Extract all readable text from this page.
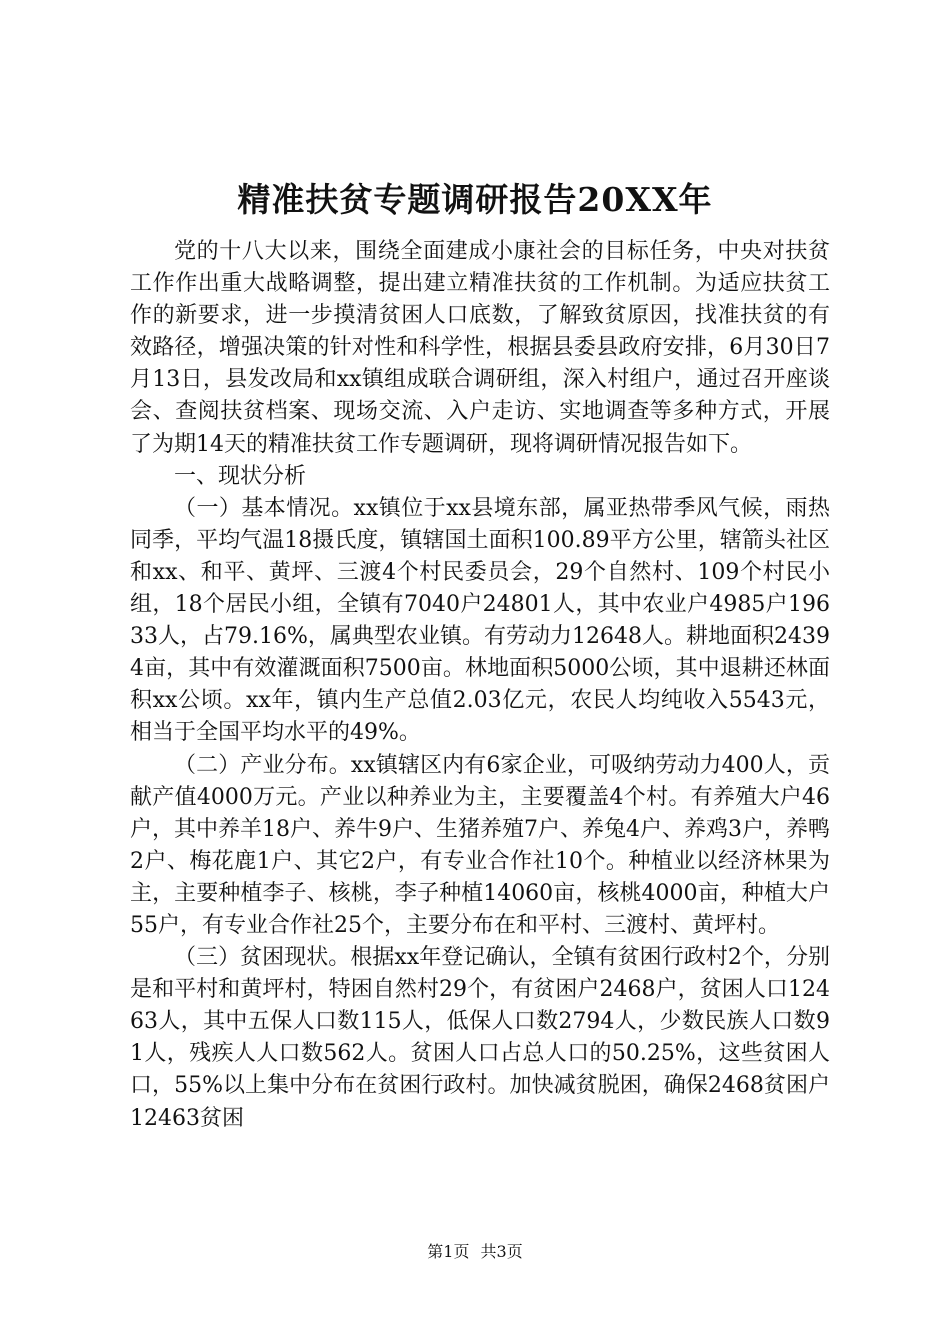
精准扶贫专题调研报告20XX年

党的十八大以来，围绕全面建成小康社会的目标任务，中央对扶贫工作作出重大战略调整，提出建立精准扶贫的工作机制。为适应扶贫工作的新要求，进一步摸清贫困人口底数，了解致贫原因，找准扶贫的有效路径，增强决策的针对性和科学性，根据县委县政府安排，6月30日7月13日，县发改局和xx镇组成联合调研组，深入村组户，通过召开座谈会、查阅扶贫档案、现场交流、入户走访、实地调查等多种方式，开展了为期14天的精准扶贫工作专题调研，现将调研情况报告如下。

一、现状分析

（一）基本情况。xx镇位于xx县境东部，属亚热带季风气候，雨热同季，平均气温18摄氏度，镇辖国土面积100.89平方公里，辖箭头社区和xx、和平、黄坪、三渡4个村民委员会，29个自然村、109个村民小组，18个居民小组，全镇有7040户24801人，其中农业户4985户19633人，占79.16%，属典型农业镇。有劳动力12648人。耕地面积24394亩，其中有效灌溉面积7500亩。林地面积5000公顷，其中退耕还林面积xx公顷。xx年，镇内生产总值2.03亿元，农民人均纯收入5543元，相当于全国平均水平的49%。

（二）产业分布。xx镇辖区内有6家企业，可吸纳劳动力400人，贡献产值4000万元。产业以种养业为主，主要覆盖4个村。有养殖大户46户，其中养羊18户、养牛9户、生猪养殖7户、养兔4户、养鸡3户，养鸭2户、梅花鹿1户、其它2户，有专业合作社10个。种植业以经济林果为主，主要种植李子、核桃，李子种植14060亩，核桃4000亩，种植大户55户，有专业合作社25个，主要分布在和平村、三渡村、黄坪村。

（三）贫困现状。根据xx年登记确认，全镇有贫困行政村2个，分别是和平村和黄坪村，特困自然村29个，有贫困户2468户，贫困人口12463人，其中五保人口数115人，低保人口数2794人，少数民族人口数91人，残疾人人口数562人。贫困人口占总人口的50.25%，这些贫困人口，55%以上集中分布在贫困行政村。加快减贫脱困，确保2468贫困户12463贫困

第1页 共3页
